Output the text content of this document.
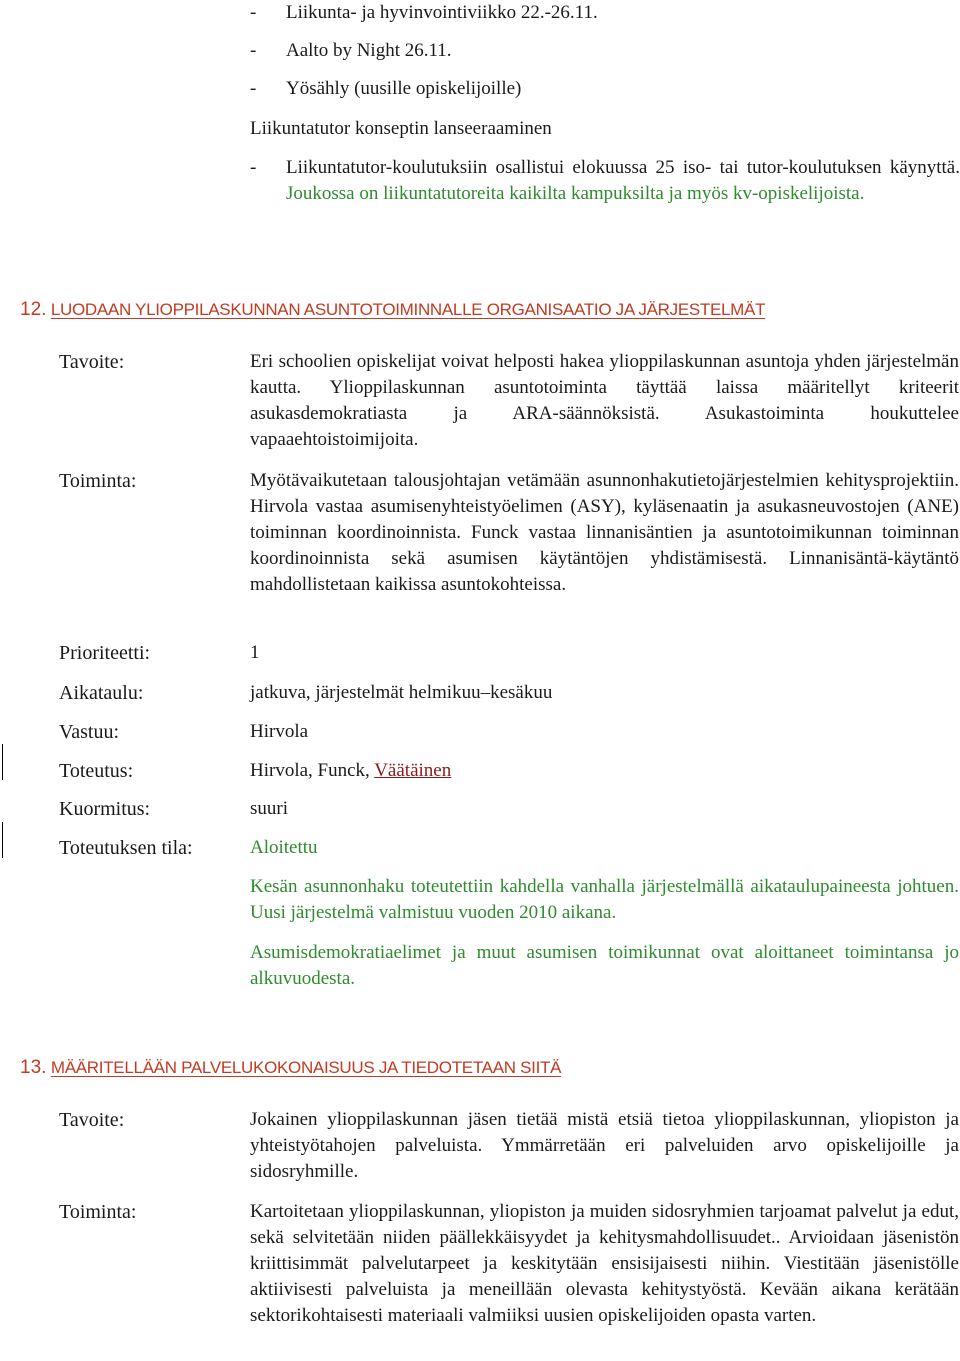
- Liikunta- ja hyvinvointiviikko 22.-26.11.
- Aalto by Night 26.11.
- Yösähly (uusille opiskelijoille)
Liikuntatutor konseptin lanseeraaminen
-	Liikuntatutor-koulutuksiin osallistui elokuussa 25 iso- tai tutor-koulutuksen käynyttä. Joukossa on liikuntatutoreita kaikilta kampuksilta ja myös kv-opiskelijoista.
12. LUODAAN YLIOPPILASKUNNAN ASUNTOTOIMINNALLE ORGANISAATIO JA JÄRJESTELMÄT
Tavoite:	Eri schoolien opiskelijat voivat helposti hakea ylioppilaskunnan asuntoja yhden järjestelmän kautta. Ylioppilaskunnan asuntotoiminta täyttää laissa määritellyt kriteerit asukasdemokratiasta ja ARA-säännöksistä. Asukastoiminta houkuttelee vapaaehtoistoimijoita.
Toiminta:	Myötävaikutetaan talousjohtajan vetämään asunnonhakutietojärjestelmien kehitysprojektiin. Hirvola vastaa asumisenyhteistyöelimen (ASY), kyläsenaatin ja asukasneuvostojen (ANE) toiminnan koordinoinnista. Funck vastaa linnanisäntien ja asuntotoimikunnan toiminnan koordinoinnista sekä asumisen käytäntöjen yhdistämisestä. Linnanisäntä-käytäntö mahdollistetaan kaikissa asuntokohteissa.
Prioriteetti:	1
Aikataulu:	jatkuva, järjestelmät helmikuu–kesäkuu
Vastuu:	Hirvola
Toteutus:	Hirvola, Funck, Väätäinen
Kuormitus:	suuri
Toteutuksen tila:	Aloitettu
Kesän asunnonhaku toteutettiin kahdella vanhalla järjestelmällä aikataulupaineesta johtuen. Uusi järjestelmä valmistuu vuoden 2010 aikana.
Asumisdemokratiaelimet ja muut asumisen toimikunnat ovat aloittaneet toimintansa jo alkuvuodesta.
13. MÄÄRITELLÄÄN PALVELUKOKONAISUUS JA TIEDOTETAAN SIITÄ
Tavoite:	Jokainen ylioppilaskunnan jäsen tietää mistä etsiä tietoa ylioppilaskunnan, yliopiston ja yhteistyötahojen palveluista. Ymmärretään eri palveluiden arvo opiskelijoille ja sidosryhmille.
Toiminta:	Kartoitetaan ylioppilaskunnan, yliopiston ja muiden sidosryhmien tarjoamat palvelut ja edut, sekä selvitetään niiden päällekkäisyydet ja kehitysmahdollisuudet.. Arvioidaan jäsenistön kriittisimmät palvelutarpeet ja keskitytään ensisijaisesti niihin. Viestitään jäsenistölle aktiivisesti palveluista ja meneillään olevasta kehitystyöstä. Kevään aikana kerätään sektorikohtaisesti materiaali valmiiksi uusien opiskelijoiden opasta varten.
